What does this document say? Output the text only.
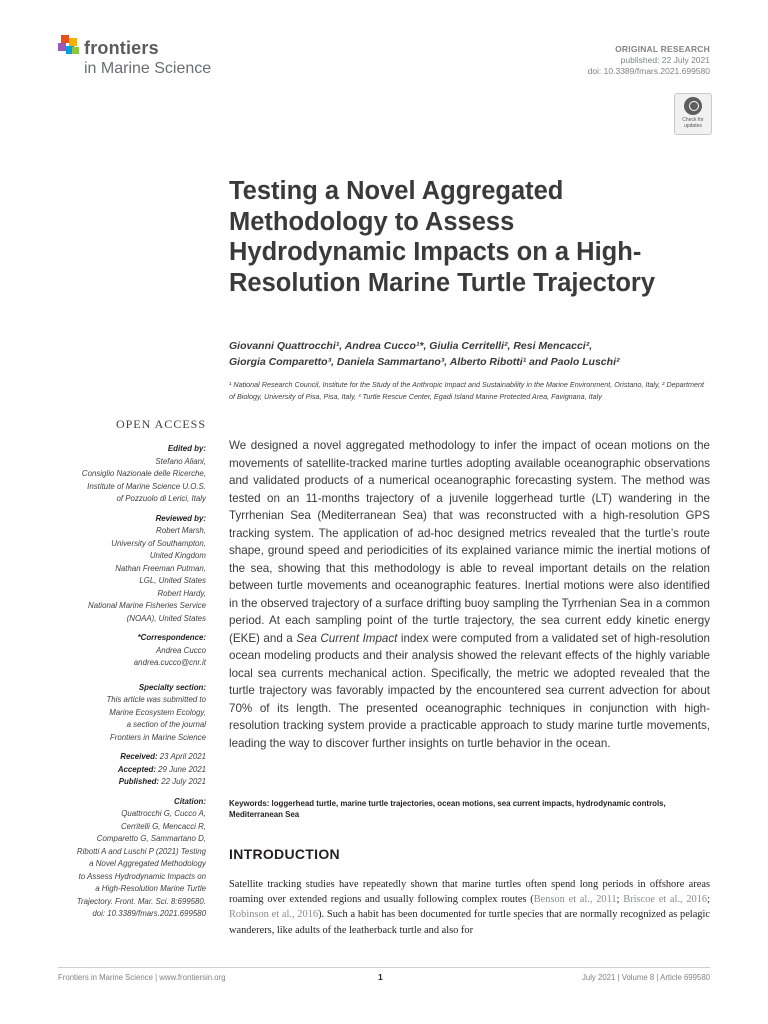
frontiers
in Marine Science
ORIGINAL RESEARCH
published: 22 July 2021
doi: 10.3389/fmars.2021.699580
Check for updates
Testing a Novel Aggregated Methodology to Assess Hydrodynamic Impacts on a High-Resolution Marine Turtle Trajectory
Giovanni Quattrocchi¹, Andrea Cucco¹*, Giulia Cerritelli², Resi Mencacci²,
Giorgia Comparetto³, Daniela Sammartano³, Alberto Ribotti¹ and Paolo Luschi²
¹ National Research Council, Institute for the Study of the Anthropic Impact and Sustainability in the Marine Environment, Oristano, Italy, ² Department of Biology, University of Pisa, Pisa, Italy, ³ Turtle Rescue Center, Egadi Island Marine Protected Area, Favignana, Italy
OPEN ACCESS
Edited by:
Stefano Aliani,
Consiglio Nazionale delle Ricerche,
Institute of Marine Science U.O.S.
of Pozzuolo di Lerici, Italy
Reviewed by:
Robert Marsh,
University of Southampton,
United Kingdom
Nathan Freeman Putman,
LGL, United States
Robert Hardy,
National Marine Fisheries Service
(NOAA), United States
*Correspondence:
Andrea Cucco
andrea.cucco@cnr.it
Specialty section:
This article was submitted to
Marine Ecosystem Ecology,
a section of the journal
Frontiers in Marine Science
Received: 23 April 2021
Accepted: 29 June 2021
Published: 22 July 2021
Citation:
Quattrocchi G, Cucco A,
Cerritelli G, Mencacci R,
Comparetto G, Sammartano D,
Ribotti A and Luschi P (2021) Testing
a Novel Aggregated Methodology
to Assess Hydrodynamic Impacts on
a High-Resolution Marine Turtle
Trajectory. Front. Mar. Sci. 8:699580.
doi: 10.3389/fmars.2021.699580

We designed a novel aggregated methodology to infer the impact of ocean motions on the movements of satellite-tracked marine turtles adopting available oceanographic observations and validated products of a numerical oceanographic forecasting system. The method was tested on an 11-months trajectory of a juvenile loggerhead turtle (LT) wandering in the Tyrrhenian Sea (Mediterranean Sea) that was reconstructed with a high-resolution GPS tracking system. The application of ad-hoc designed metrics revealed that the turtle’s route shape, ground speed and periodicities of its explained variance mimic the inertial motions of the sea, showing that this methodology is able to reveal important details on the relation between turtle movements and oceanographic features. Inertial motions were also identified in the observed trajectory of a surface drifting buoy sampling the Tyrrhenian Sea in a common period. At each sampling point of the turtle trajectory, the sea current eddy kinetic energy (EKE) and a Sea Current Impact index were computed from a validated set of high-resolution ocean modeling products and their analysis showed the relevant effects of the highly variable local sea currents mechanical action. Specifically, the metric we adopted revealed that the turtle trajectory was favorably impacted by the encountered sea current advection for about 70% of its length. The presented oceanographic techniques in conjunction with high-resolution tracking system provide a practicable approach to study marine turtle movements, leading the way to discover further insights on turtle behavior in the ocean.

Keywords: loggerhead turtle, marine turtle trajectories, ocean motions, sea current impacts, hydrodynamic controls, Mediterranean Sea
INTRODUCTION

Satellite tracking studies have repeatedly shown that marine turtles often spend long periods in offshore areas roaming over extended regions and usually following complex routes (Benson et al., 2011; Briscoe et al., 2016; Robinson et al., 2016). Such a habit has been documented for turtle species that are normally recognized as pelagic wanderers, like adults of the leatherback turtle and also for

Frontiers in Marine Science | www.frontiersin.org	1	July 2021 | Volume 8 | Article 699580
